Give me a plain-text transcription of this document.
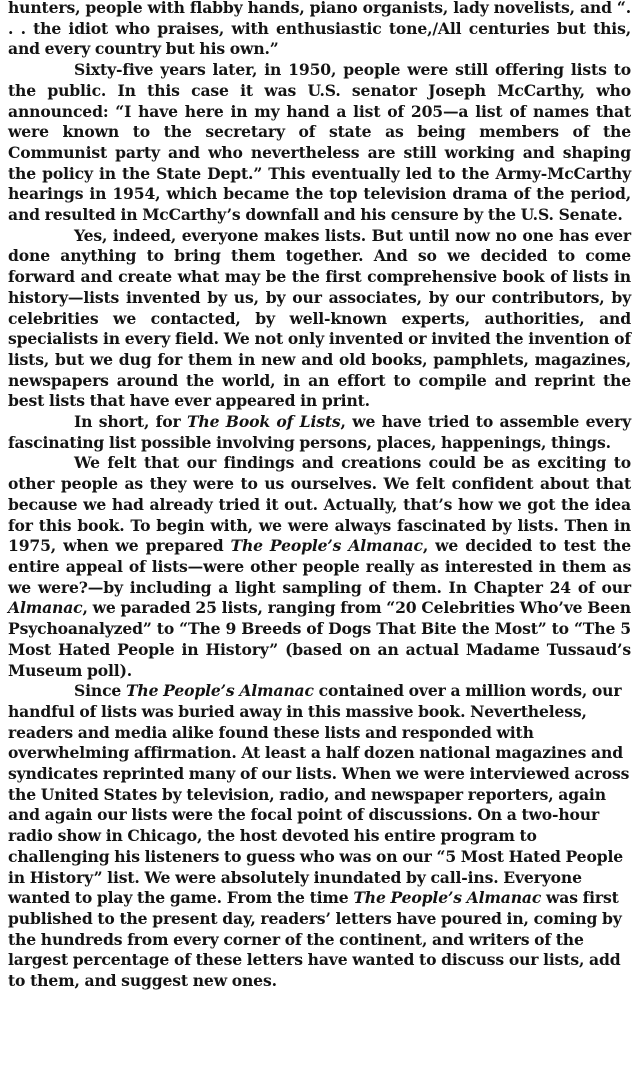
hunters, people with flabby hands, piano organists, lady novelists, and “. . . the idiot who praises, with enthusiastic tone,/All centuries but this, and every country but his own.”

Sixty-five years later, in 1950, people were still offering lists to the public. In this case it was U.S. senator Joseph McCarthy, who announced: “I have here in my hand a list of 205—a list of names that were known to the secretary of state as being members of the Communist party and who nevertheless are still working and shaping the policy in the State Dept.” This eventually led to the Army-McCarthy hearings in 1954, which became the top television drama of the period, and resulted in McCarthy’s downfall and his censure by the U.S. Senate.

Yes, indeed, everyone makes lists. But until now no one has ever done anything to bring them together. And so we decided to come forward and create what may be the first comprehensive book of lists in history—lists invented by us, by our associates, by our contributors, by celebrities we contacted, by well-known experts, authorities, and specialists in every field. We not only invented or invited the invention of lists, but we dug for them in new and old books, pamphlets, magazines, newspapers around the world, in an effort to compile and reprint the best lists that have ever appeared in print.

In short, for The Book of Lists, we have tried to assemble every fascinating list possible involving persons, places, happenings, things.

We felt that our findings and creations could be as exciting to other people as they were to us ourselves. We felt confident about that because we had already tried it out. Actually, that’s how we got the idea for this book. To begin with, we were always fascinated by lists. Then in 1975, when we prepared The People’s Almanac, we decided to test the entire appeal of lists—were other people really as interested in them as we were?—by including a light sampling of them. In Chapter 24 of our Almanac, we paraded 25 lists, ranging from “20 Celebrities Who’ve Been Psychoanalyzed” to “The 9 Breeds of Dogs That Bite the Most” to “The 5 Most Hated People in History” (based on an actual Madame Tussaud’s Museum poll).

Since The People’s Almanac contained over a million words, our handful of lists was buried away in this massive book. Nevertheless, readers and media alike found these lists and responded with overwhelming affirmation. At least a half dozen national magazines and syndicates reprinted many of our lists. When we were interviewed across the United States by television, radio, and newspaper reporters, again and again our lists were the focal point of discussions. On a two-hour radio show in Chicago, the host devoted his entire program to challenging his listeners to guess who was on our “5 Most Hated People in History” list. We were absolutely inundated by call-ins. Everyone wanted to play the game. From the time The People’s Almanac was first published to the present day, readers’ letters have poured in, coming by the hundreds from every corner of the continent, and writers of the largest percentage of these letters have wanted to discuss our lists, add to them, and suggest new ones.
